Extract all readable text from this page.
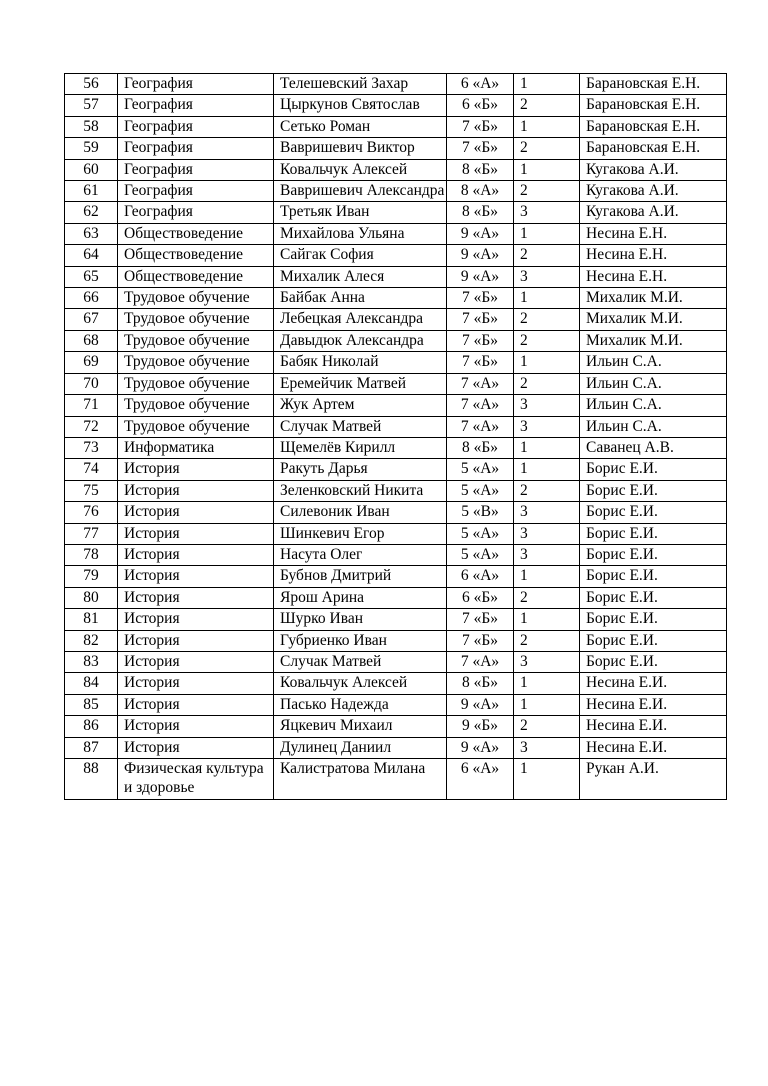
56	География	Телешевский Захар	6 «А»	1	Барановская Е.Н.
57	География	Цыркунов Святослав	6 «Б»	2	Барановская Е.Н.
58	География	Сетько Роман	7 «Б»	1	Барановская Е.Н.
59	География	Вавришевич Виктор	7 «Б»	2	Барановская Е.Н.
60	География	Ковальчук Алексей	8 «Б»	1	Кугакова А.И.
61	География	Вавришевич Александра	8 «А»	2	Кугакова А.И.
62	География	Третьяк Иван	8 «Б»	3	Кугакова А.И.
63	Обществоведение	Михайлова Ульяна	9 «А»	1	Несина Е.Н.
64	Обществоведение	Сайгак София	9 «А»	2	Несина Е.Н.
65	Обществоведение	Михалик Алеся	9 «А»	3	Несина Е.Н.
66	Трудовое обучение	Байбак Анна	7 «Б»	1	Михалик М.И.
67	Трудовое обучение	Лебецкая Александра	7 «Б»	2	Михалик М.И.
68	Трудовое обучение	Давыдюк Александра	7 «Б»	2	Михалик М.И.
69	Трудовое обучение	Бабяк Николай	7 «Б»	1	Ильин С.А.
70	Трудовое обучение	Еремейчик Матвей	7 «А»	2	Ильин С.А.
71	Трудовое обучение	Жук Артем	7 «А»	3	Ильин С.А.
72	Трудовое обучение	Случак Матвей	7 «А»	3	Ильин С.А.
73	Информатика	Щемелёв Кирилл	8 «Б»	1	Саванец А.В.
74	История	Ракуть Дарья	5 «А»	1	Борис Е.И.
75	История	Зеленковский Никита	5 «А»	2	Борис Е.И.
76	История	Силевоник Иван	5 «В»	3	Борис Е.И.
77	История	Шинкевич Егор	5 «А»	3	Борис Е.И.
78	История	Насута Олег	5 «А»	3	Борис Е.И.
79	История	Бубнов Дмитрий	6 «А»	1	Борис Е.И.
80	История	Ярош Арина	6 «Б»	2	Борис Е.И.
81	История	Шурко Иван	7 «Б»	1	Борис Е.И.
82	История	Губриенко Иван	7 «Б»	2	Борис Е.И.
83	История	Случак Матвей	7 «А»	3	Борис Е.И.
84	История	Ковальчук Алексей	8 «Б»	1	Несина Е.И.
85	История	Пасько Надежда	9 «А»	1	Несина Е.И.
86	История	Яцкевич Михаил	9 «Б»	2	Несина Е.И.
87	История	Дулинец Даниил	9 «А»	3	Несина Е.И.
88	Физическая культура и здоровье	Калистратова Милана	6 «А»	1	Рукан А.И.
